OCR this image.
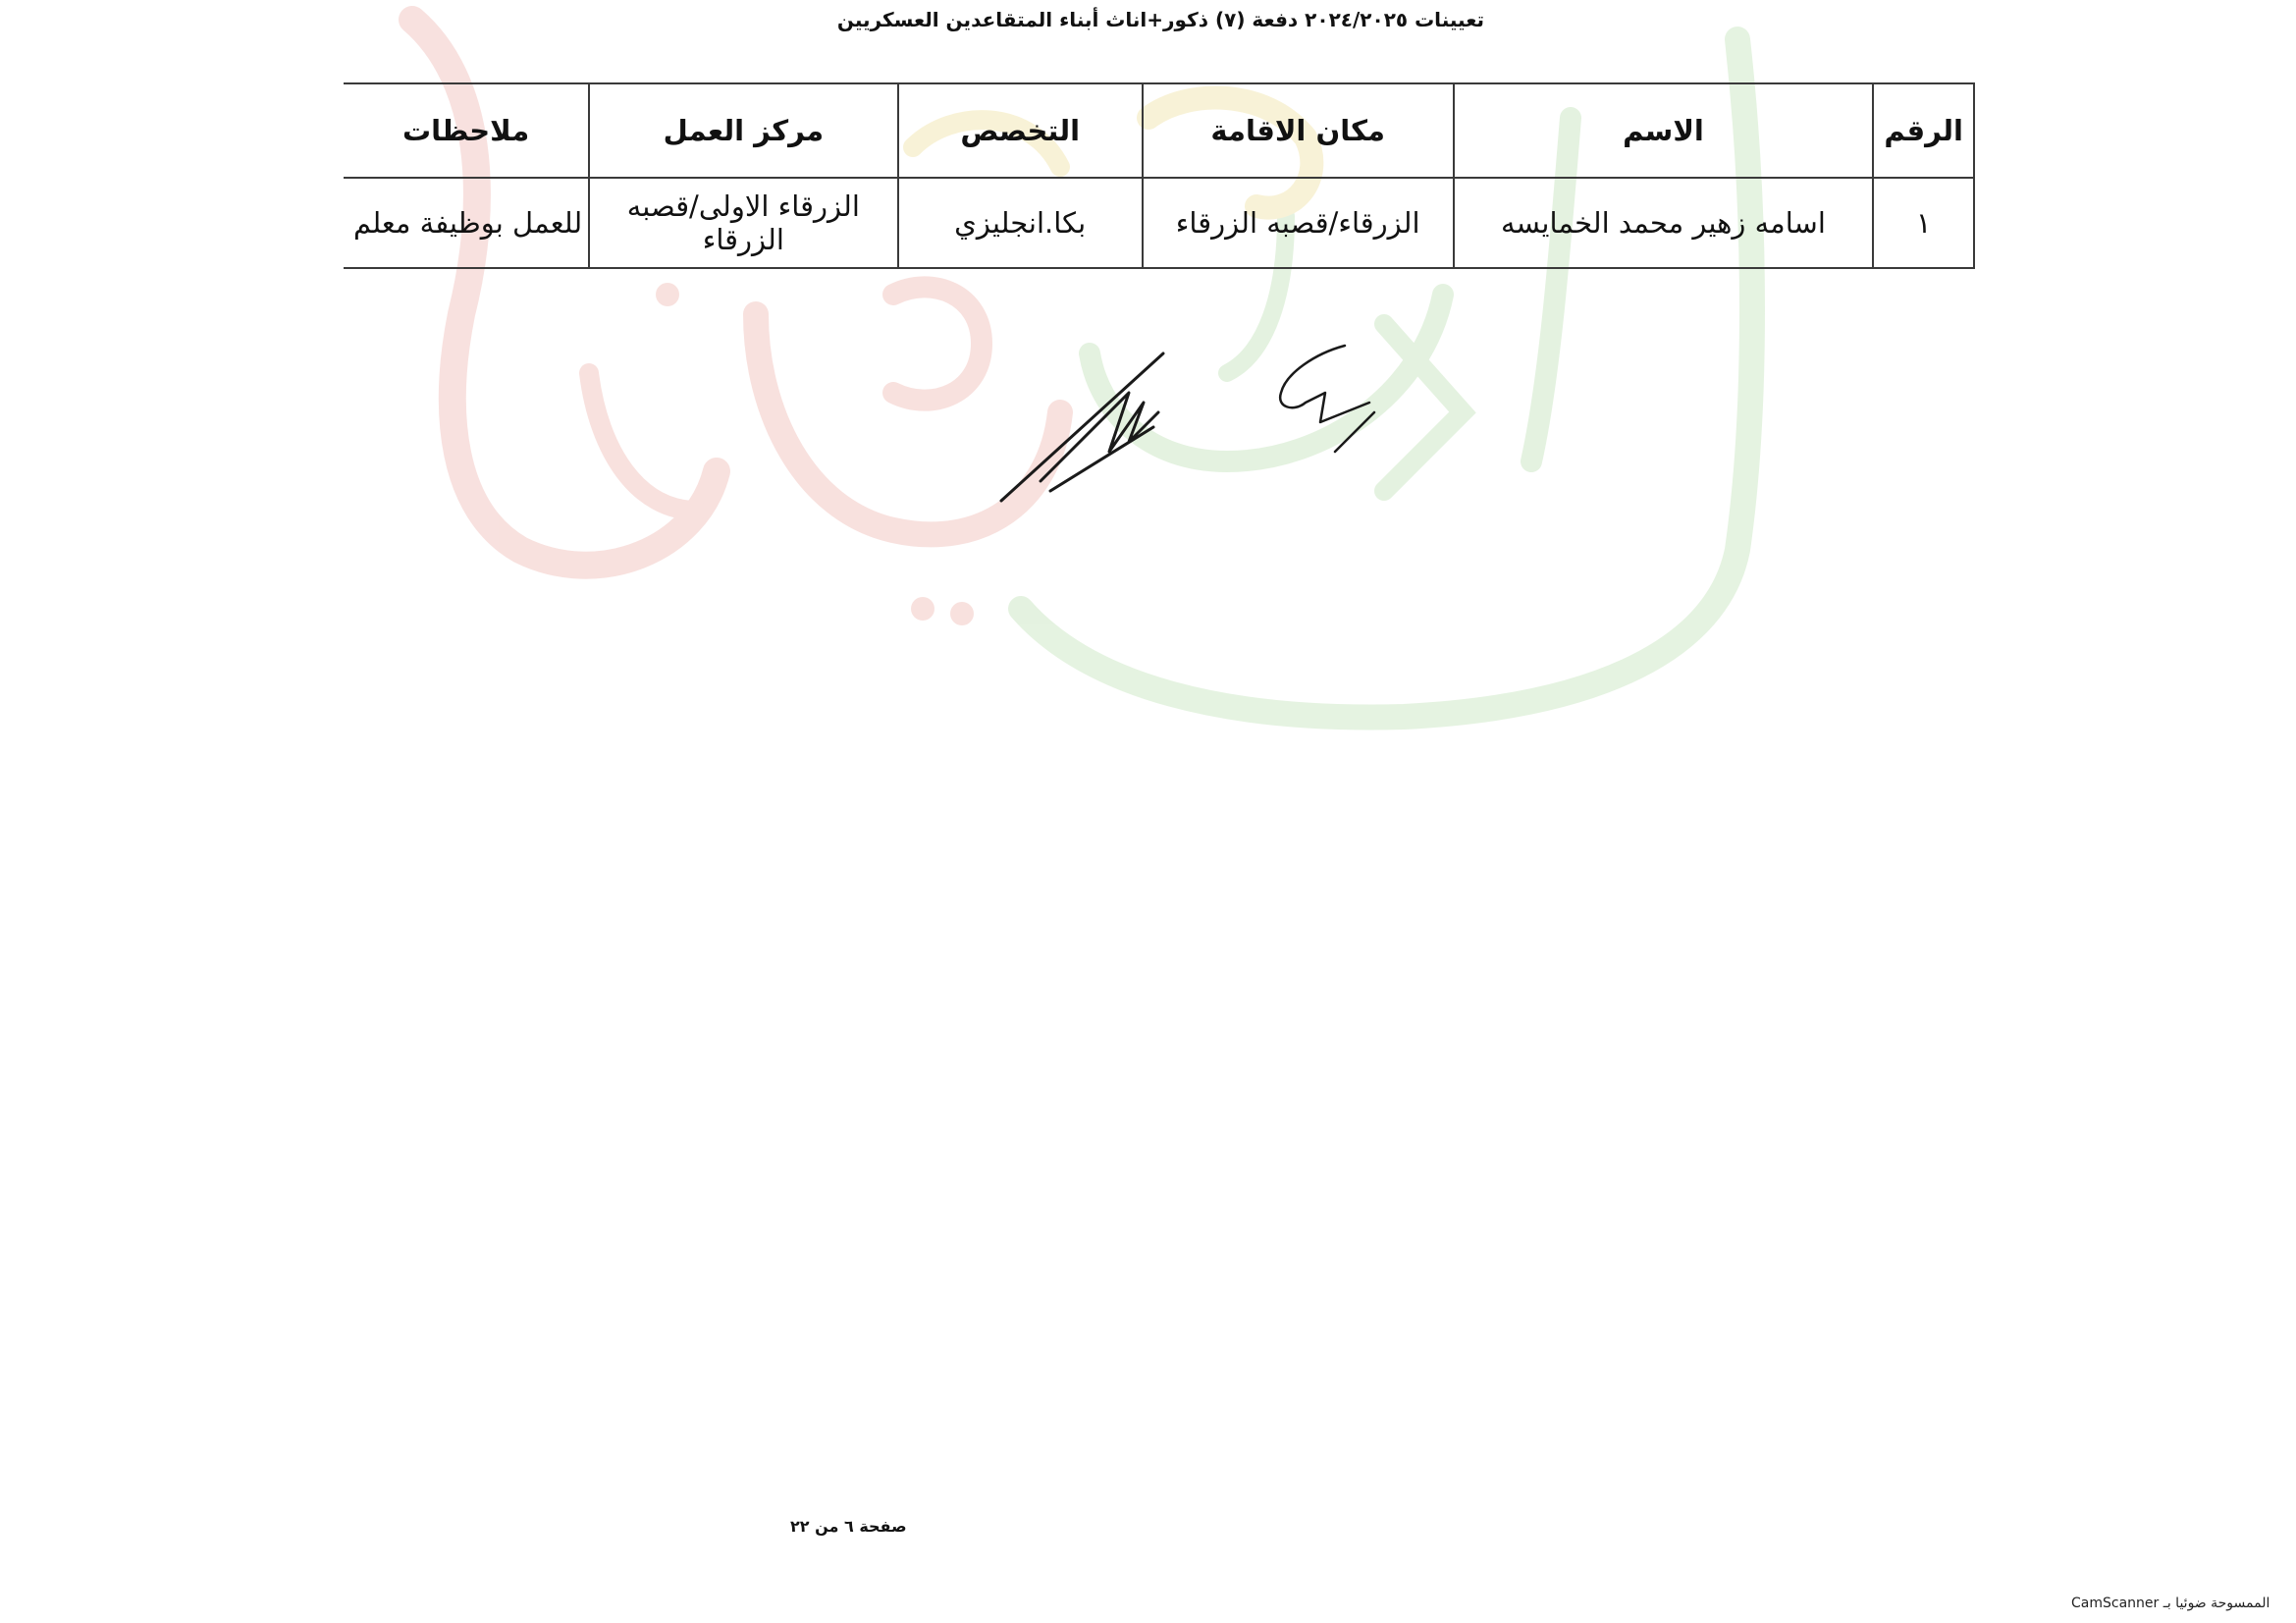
تعيينات ٢٠٢٤/٢٠٢٥ دفعة (٧) ذكور+اناث أبناء المتقاعدين العسكريين
الرقم	الاسم	مكان الاقامة	التخصص	مركز العمل	ملاحظات
١	اسامه زهير محمد الخمايسه	الزرقاء/قصبه الزرقاء	بكا.انجليزي	الزرقاء الاولى/قصبه الزرقاء	للعمل بوظيفة معلم
صفحة ٦ من ٢٢
الممسوحة ضوئيا بـ CamScanner
